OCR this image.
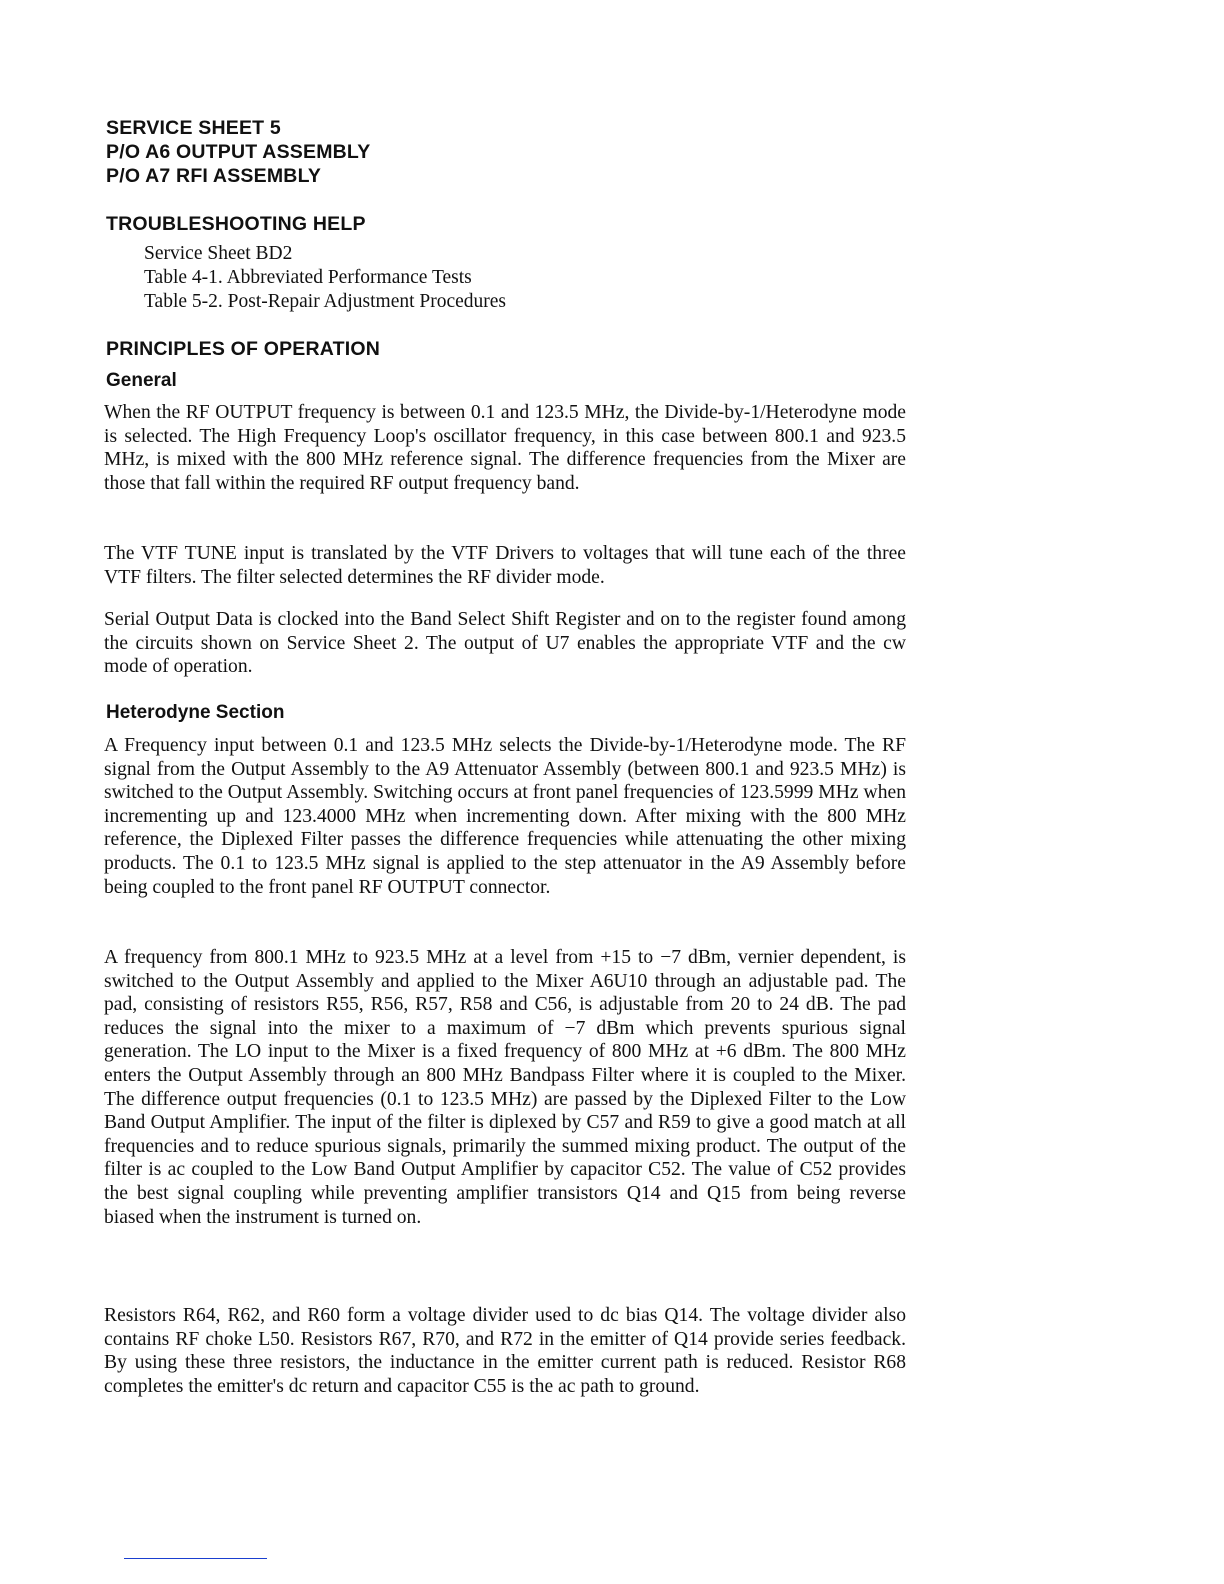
SERVICE SHEET 5

P/O A6 OUTPUT ASSEMBLY

P/O A7 RFI ASSEMBLY

TROUBLESHOOTING HELP

Service Sheet BD2

Table 4-1. Abbreviated Performance Tests

Table 5-2. Post-Repair Adjustment Procedures

PRINCIPLES OF OPERATION

General

When the RF OUTPUT frequency is between 0.1 and 123.5 MHz, the Divide-by-1/Heterodyne mode is selected. The High Frequency Loop's oscillator frequency, in this case between 800.1 and 923.5 MHz, is mixed with the 800 MHz reference signal. The difference frequencies from the Mixer are those that fall within the required RF output frequency band.

The VTF TUNE input is translated by the VTF Drivers to voltages that will tune each of the three VTF filters. The filter selected determines the RF divider mode.

Serial Output Data is clocked into the Band Select Shift Register and on to the register found among the circuits shown on Service Sheet 2. The output of U7 enables the appropriate VTF and the cw mode of operation.

Heterodyne Section

A Frequency input between 0.1 and 123.5 MHz selects the Divide-by-1/Heterodyne mode. The RF signal from the Output Assembly to the A9 Attenuator Assembly (between 800.1 and 923.5 MHz) is switched to the Output Assembly. Switching occurs at front panel frequencies of 123.5999 MHz when incrementing up and 123.4000 MHz when incrementing down. After mixing with the 800 MHz reference, the Diplexed Filter passes the difference frequencies while attenuating the other mixing products. The 0.1 to 123.5 MHz signal is applied to the step attenuator in the A9 Assembly before being coupled to the front panel RF OUTPUT connector.

A frequency from 800.1 MHz to 923.5 MHz at a level from +15 to −7 dBm, vernier dependent, is switched to the Output Assembly and applied to the Mixer A6U10 through an adjustable pad. The pad, consisting of resistors R55, R56, R57, R58 and C56, is adjustable from 20 to 24 dB. The pad reduces the signal into the mixer to a maximum of −7 dBm which prevents spurious signal generation. The LO input to the Mixer is a fixed frequency of 800 MHz at +6 dBm. The 800 MHz enters the Output Assembly through an 800 MHz Bandpass Filter where it is coupled to the Mixer. The difference output frequencies (0.1 to 123.5 MHz) are passed by the Diplexed Filter to the Low Band Output Amplifier. The input of the filter is diplexed by C57 and R59 to give a good match at all frequencies and to reduce spurious signals, primarily the summed mixing product. The output of the filter is ac coupled to the Low Band Output Amplifier by capacitor C52. The value of C52 provides the best signal coupling while preventing amplifier transistors Q14 and Q15 from being reverse biased when the instrument is turned on.

Resistors R64, R62, and R60 form a voltage divider used to dc bias Q14. The voltage divider also contains RF choke L50. Resistors R67, R70, and R72 in the emitter of Q14 provide series feedback. By using these three resistors, the inductance in the emitter current path is reduced. Resistor R68 completes the emitter's dc return and capacitor C55 is the ac path to ground.
